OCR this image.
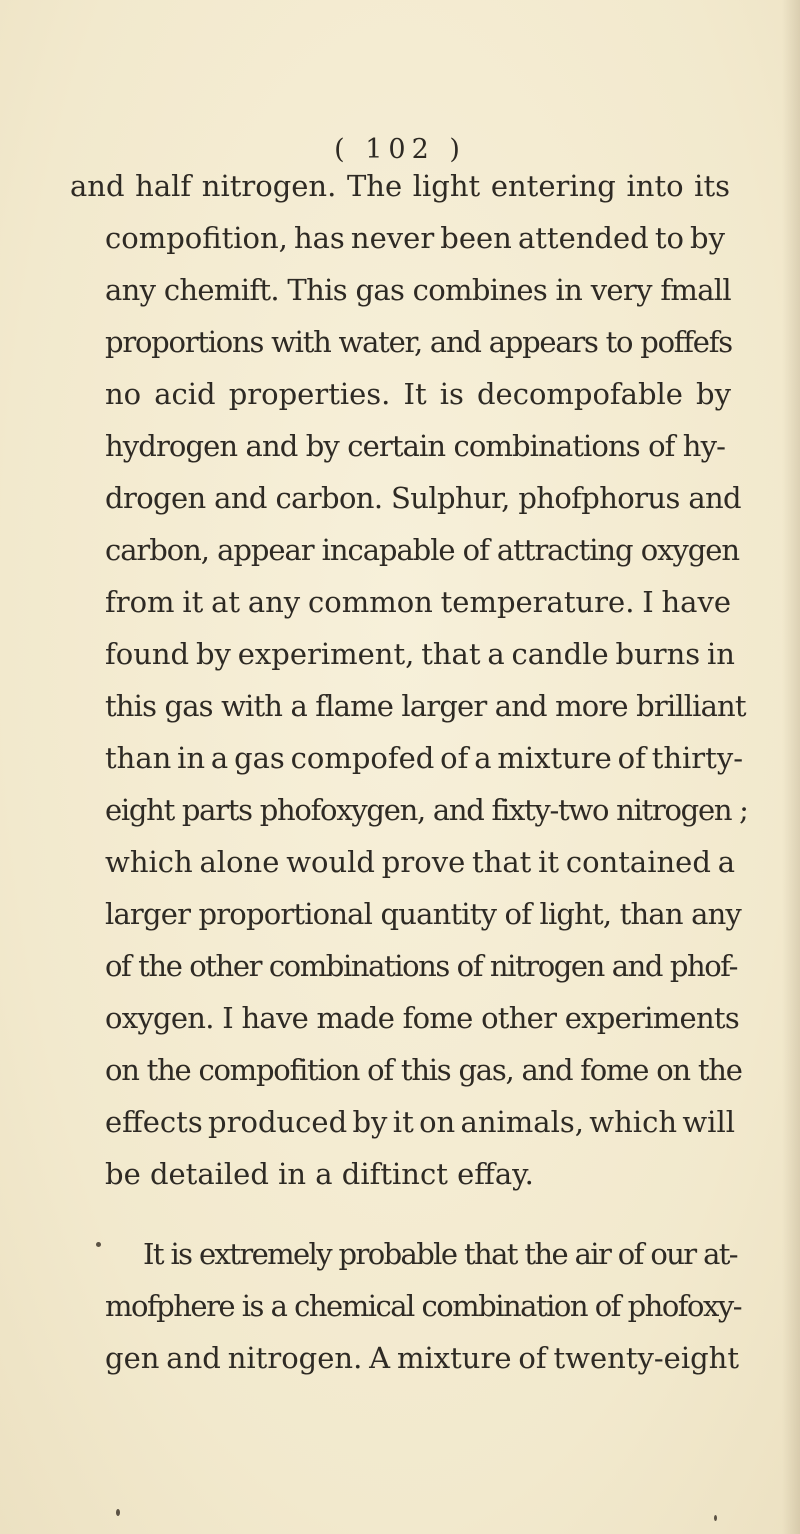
( 102 )
and half nitrogen. The light entering into its
compofition, has never been attended to by
any chemift. This gas combines in very fmall
proportions with water, and appears to poffefs
no acid properties. It is decompofable by
hydrogen and by certain combinations of hy-
drogen and carbon. Sulphur, phofphorus and
carbon, appear incapable of attracting oxygen
from it at any common temperature. I have
found by experiment, that a candle burns in
this gas with a flame larger and more brilliant
than in a gas compofed of a mixture of thirty-
eight parts phofoxygen, and fixty-two nitrogen ;
which alone would prove that it contained a
larger proportional quantity of light, than any
of the other combinations of nitrogen and phof-
oxygen. I have made fome other experiments
on the compofition of this gas, and fome on the
effects produced by it on animals, which will
be detailed in a diftinct effay.
It is extremely probable that the air of our at-
mofphere is a chemical combination of phofoxy-
gen and nitrogen. A mixture of twenty-eight
